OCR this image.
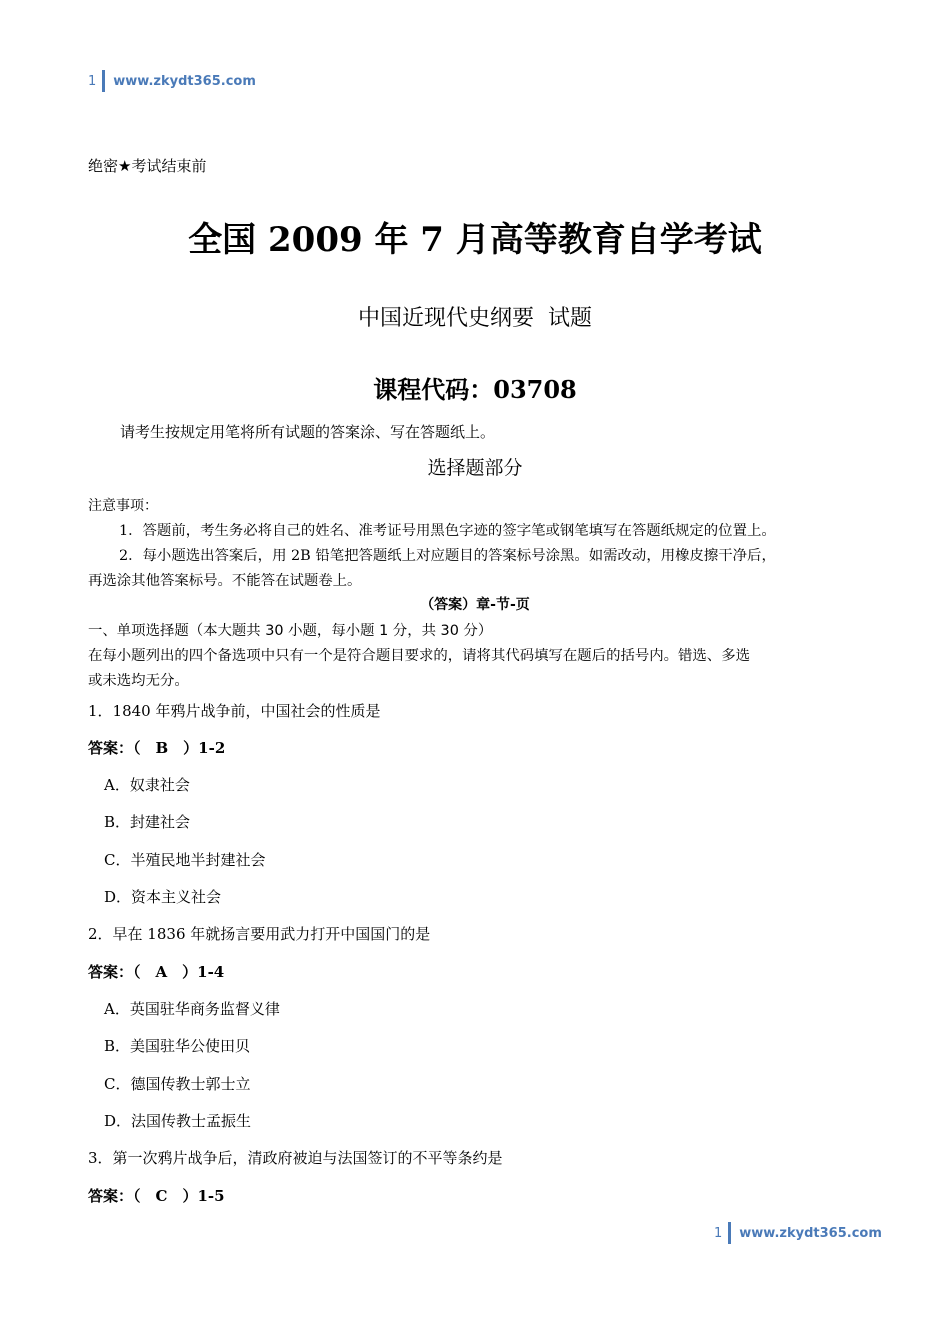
1 www.zkydt365.com
绝密★考试结束前
全国 2009 年 7 月高等教育自学考试
中国近现代史纲要  试题
课程代码：03708
请考生按规定用笔将所有试题的答案涂、写在答题纸上。
选择题部分
注意事项：
1．答题前，考生务必将自己的姓名、准考证号用黑色字迹的签字笔或钢笔填写在答题纸规定的位置上。
2．每小题选出答案后，用 2B 铅笔把答题纸上对应题目的答案标号涂黑。如需改动，用橡皮擦干净后，
再选涂其他答案标号。不能答在试题卷上。
（答案）章-节-页
一、单项选择题（本大题共 30 小题，每小题 1 分，共 30 分）
在每小题列出的四个备选项中只有一个是符合题目要求的，请将其代码填写在题后的括号内。错选、多选
或未选均无分。
1．1840 年鸦片战争前，中国社会的性质是
答案：（　B　）1-2
A．奴隶社会
B．封建社会
C．半殖民地半封建社会
D．资本主义社会
2．早在 1836 年就扬言要用武力打开中国国门的是
答案：（　A　）1-4
A．英国驻华商务监督义律
B．美国驻华公使田贝
C．德国传教士郭士立
D．法国传教士孟振生
3．第一次鸦片战争后，清政府被迫与法国签订的不平等条约是
答案：（　C　）1-5
1 www.zkydt365.com
